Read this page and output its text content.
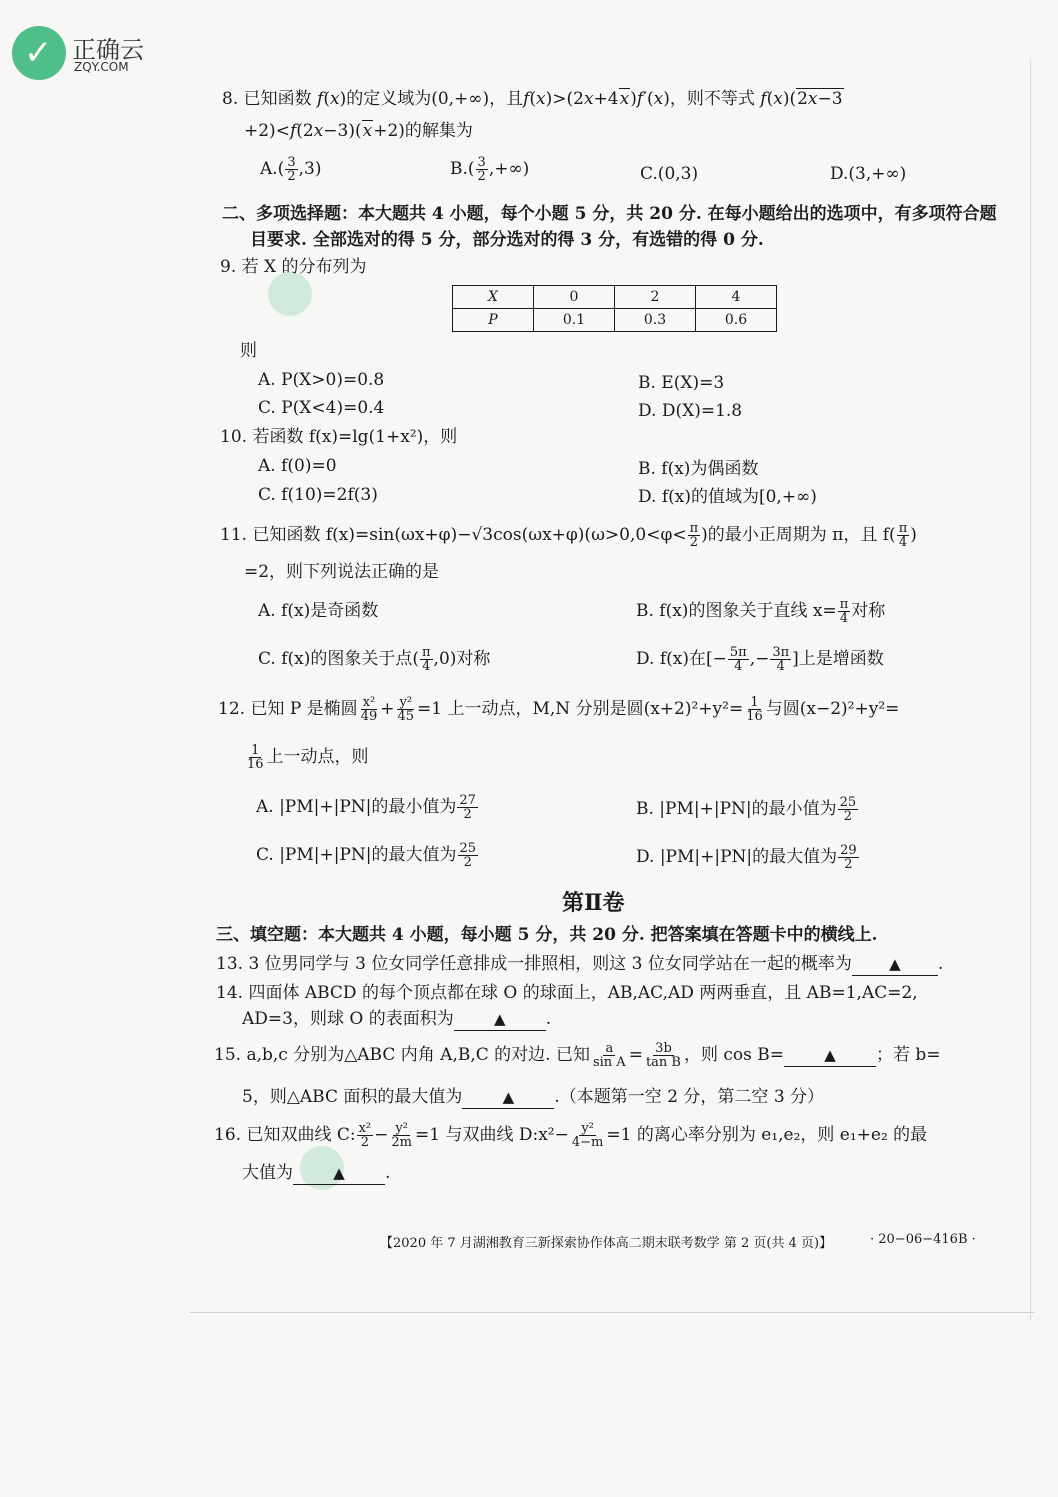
✓ 正确云
ZQY.COM
8. 已知函数 f(x)的定义域为(0,+∞)，且f(x)>(2x+4x)f′(x)，则不等式 f(x)(2x−3
+2)<f(2x−3)(x+2)的解集为
$A.( \frac{3}{2} ,3)$	$B.( \frac{3}{2}$ ,+∞)	C.(0,3)	D.(3,+∞)
二、多项选择题：本大题共 4 小题，每个小题 5 分，共 20 分. 在每小题给出的选项中，有多项符合题
目要求. 全部选对的得 5 分，部分选对的得 3 分，有选错的得 0 分.
9. 若 X 的分布列为
X	0	2	4
P	0.1	0.3	0.6
则
A. P(X>0)=0.8	B. E(X)=3
C. P(X<4)=0.4	D. D(X)=1.8
10. 若函数 f(x)=lg(1+x²)，则
A. f(0)=0	B. f(x)为偶函数
C. f(10)=2f(3)	D. f(x)的值域为[0,+∞)
11. 已知函数 $f(x)=\sin(\omega x+\varphi)-√3\cos(\omega x+\varphi)(\omega>0,0<\varphi< \frac{\pi}{2}$ )的最小正周期为 π，且 $f( \frac{\pi}{4}$ )
=2，则下列说法正确的是
A. f(x)是奇函数	B. f(x)的图象关于直线 $x= \frac{\pi}{4}$ 对称
C. f(x)的图象关于点( $\frac{\pi}{4} ,0$)对称	D. f(x)在[− $\frac{5\pi}{4}$ ,− $\frac{3\pi}{4}$ ]上是增函数
12. 已知 P 是椭圆 $\frac{\text{x²}}{49} + \frac{\text{y²}}{45} =1$ 上一动点，M,N 分别是圆$(x+2)^2+y^2= \frac{1}{16}$ 与圆(x−2)²+y²=
$\frac{1}{16}$ 上一动点，则
A. |PM|+|PN|的最小值为 $\frac{27}{2}$	B. |PM|+|PN|的最小值为 $\frac{25}{2}$
C. |PM|+|PN|的最大值为 $\frac{25}{2}$	D. |PM|+|PN|的最大值为 $\frac{29}{2}$
第Ⅱ卷
三、填空题：本大题共 4 小题，每小题 5 分，共 20 分. 把答案填在答题卡中的横线上.
13. 3 位男同学与 3 位女同学任意排成一排照相，则这 3 位女同学站在一起的概率为 ▲ .
14. 四面体 ABCD 的每个顶点都在球 O 的球面上，AB,AC,AD 两两垂直，且 AB=1,AC=2,
AD=3，则球 O 的表面积为	▲ .
15. a,b,c 分别为△ABC 内角 A,B,C 的对边. 已知 $\frac{a}{\text{sin A}} = \frac{3b}{\text{tan B}}$ ，则 cos B=	▲ ；若 b=
5，则△ABC 面积的最大值为	▲ .（本题第一空 2 分，第二空 3 分）
16. 已知双曲线 C: $\frac{\text{x²}}{2} - \frac{\text{y²}}{2m} =1$ 与双曲线 D:x²− $\frac{\text{y²}}{4-m} =1$ 的离心率分别为 e₁,e₂，则 e₁+e₂ 的最
大值为	▲ .
【2020 年 7 月湖湘教育三新探索协作体高二期末联考数学 第 2 页(共 4 页)】	· 20−06−416B ·
